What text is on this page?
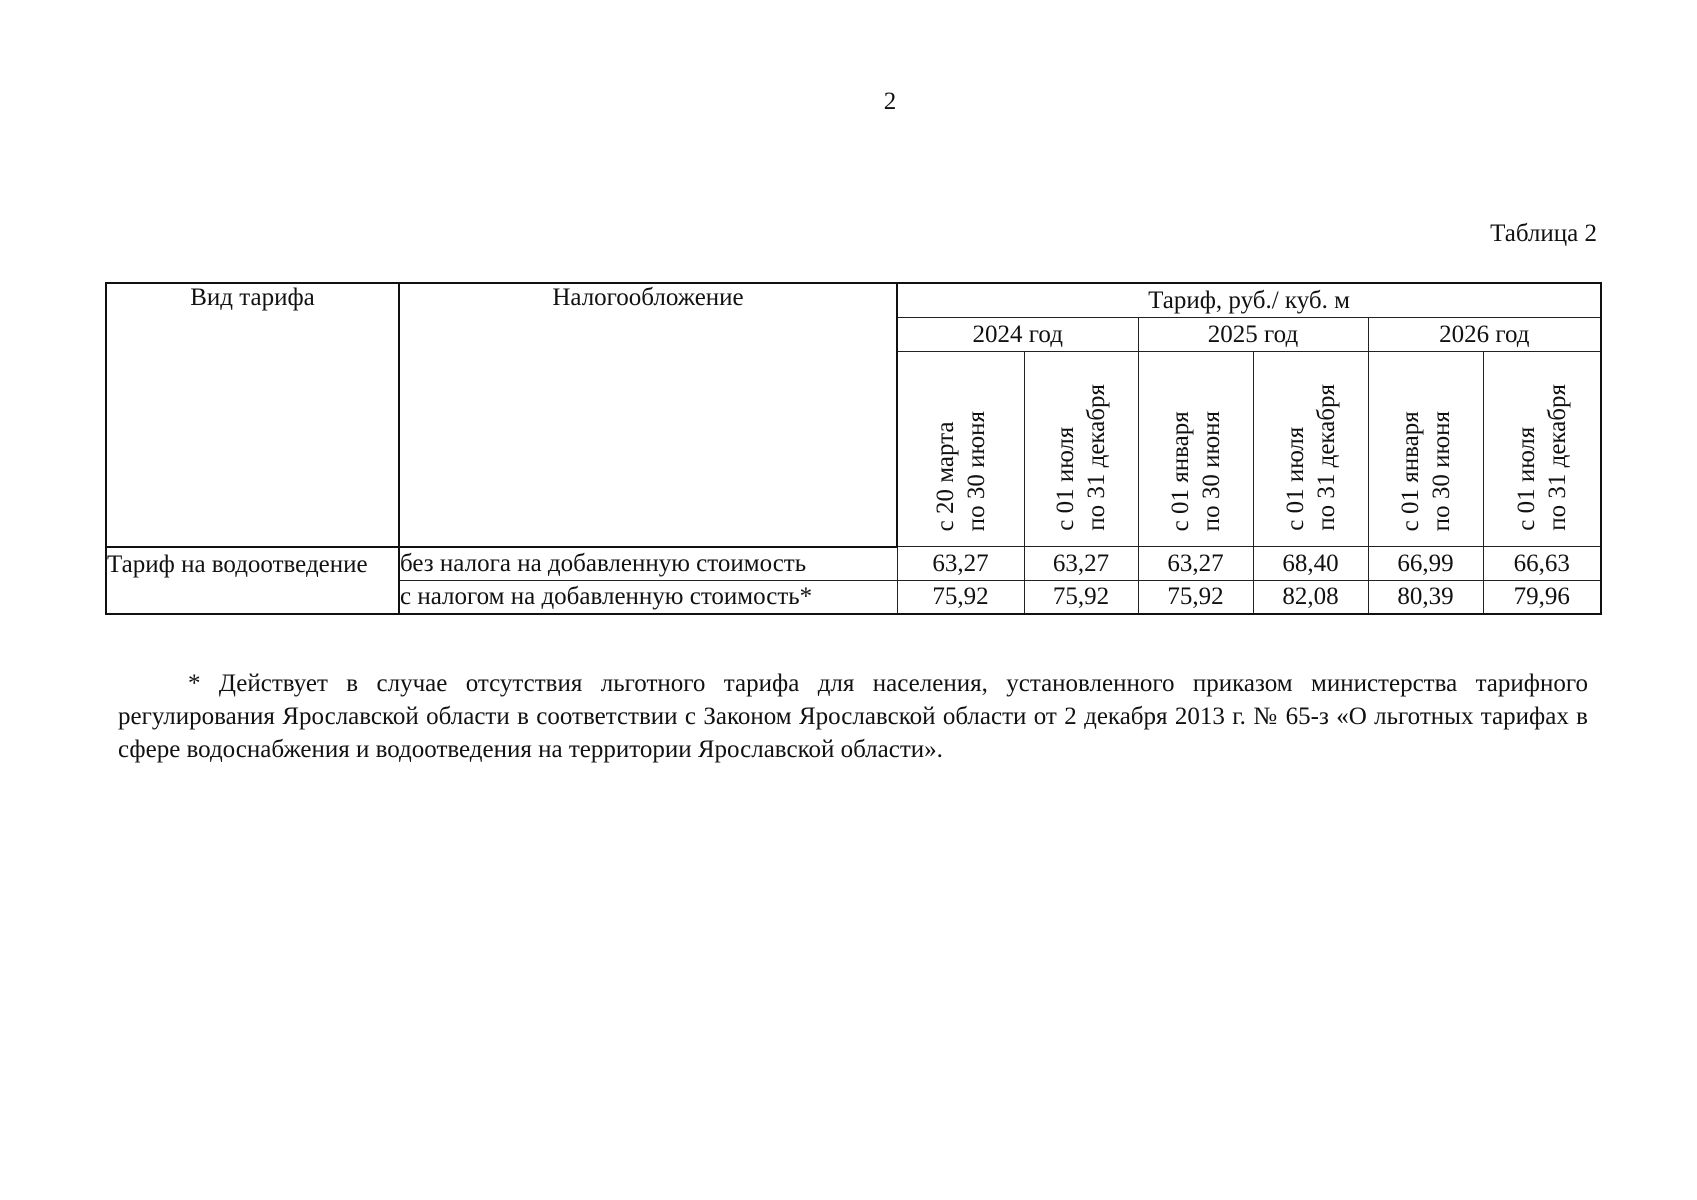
2
Таблица 2
Вид тарифа	Налогообложение	Тариф, руб./ куб. м					
		2024 год		2025 год		2026 год	
		с 20 марта по 30 июня	с 01 июля по 31 декабря	с 01 января по 30 июня	с 01 июля по 31 декабря	с 01 января по 30 июня	с 01 июля по 31 декабря
Тариф на водоотведение	без налога на добавленную стоимость	63,27	63,27	63,27	68,40	66,99	66,63
	с налогом на добавленную стоимость*	75,92	75,92	75,92	82,08	80,39	79,96

* Действует в случае отсутствия льготного тарифа для населения, установленного приказом министерства тарифного регулирования Ярославской области в соответствии с Законом Ярославской области от 2 декабря 2013 г. № 65-з «О льготных тарифах в сфере водоснабжения и водоотведения на территории Ярославской области».
